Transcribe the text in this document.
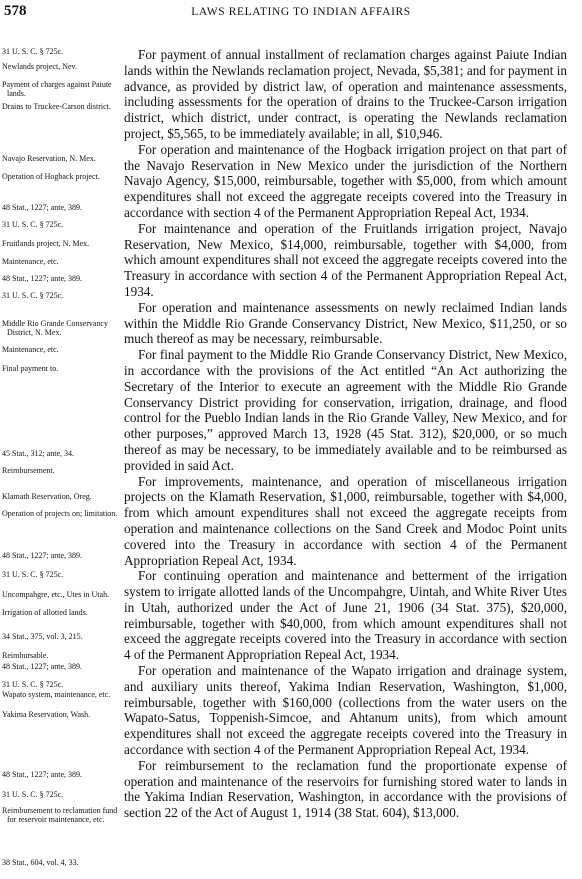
578	LAWS RELATING TO INDIAN AFFAIRS
31 U. S. C. § 725c.
Newlands project, Nev.
Payment of charges against Paiute lands.
Drains to Truckee-Carson district.
Navajo Reservation, N. Mex.
Operation of Hogback project.
48 Stat., 1227; ante, 389.
31 U. S. C. § 725c.
Fruitlands project, N. Mex.
Maintenance, etc.
48 Stat., 1227; ante, 389.
31 U. S. C. § 725c.
Middle Rio Grande Conservancy District, N. Mex.
Maintenance, etc.
Final payment to.
45 Stat., 312; ante, 34.
Reimbursement.
Klamath Reservation, Oreg.
Operation of projects on; limitation.
48 Stat., 1227; ante, 389.
31 U. S. C. § 725c.
Uncompahgre, etc., Utes in Utah.
Irrigation of allotted lands.
34 Stat., 375, vol. 3, 215.
Reimbursable.
48 Stat., 1227; ante, 389.
31 U. S. C. § 725c.
Wapato system, maintenance, etc.
Yakima Reservation, Wash.
48 Stat., 1227; ante, 389.
31 U. S. C. § 725c.
Reimbursement to reclamation fund for reservoir maintenance, etc.
38 Stat., 604, vol. 4, 33.

For payment of annual installment of reclamation charges against Paiute Indian lands within the Newlands reclamation project, Nevada, $5,381; and for payment in advance, as provided by district law, of operation and maintenance assessments, including assessments for the operation of drains to the Truckee-Carson irrigation district, which district, under contract, is operating the Newlands reclamation project, $5,565, to be immediately available; in all, $10,946.

For operation and maintenance of the Hogback irrigation project on that part of the Navajo Reservation in New Mexico under the jurisdiction of the Northern Navajo Agency, $15,000, reimbursable, together with $5,000, from which amount expenditures shall not exceed the aggregate receipts covered into the Treasury in accordance with section 4 of the Permanent Appropriation Repeal Act, 1934.

For maintenance and operation of the Fruitlands irrigation project, Navajo Reservation, New Mexico, $14,000, reimbursable, together with $4,000, from which amount expenditures shall not exceed the aggregate receipts covered into the Treasury in accordance with section 4 of the Permanent Appropriation Repeal Act, 1934.

For operation and maintenance assessments on newly reclaimed Indian lands within the Middle Rio Grande Conservancy District, New Mexico, $11,250, or so much thereof as may be necessary, reimbursable.

For final payment to the Middle Rio Grande Conservancy District, New Mexico, in accordance with the provisions of the Act entitled “An Act authorizing the Secretary of the Interior to execute an agreement with the Middle Rio Grande Conservancy District providing for conservation, irrigation, drainage, and flood control for the Pueblo Indian lands in the Rio Grande Valley, New Mexico, and for other purposes,” approved March 13, 1928 (45 Stat. 312), $20,000, or so much thereof as may be necessary, to be immediately available and to be reimbursed as provided in said Act.

For improvements, maintenance, and operation of miscellaneous irrigation projects on the Klamath Reservation, $1,000, reimbursable, together with $4,000, from which amount expenditures shall not exceed the aggregate receipts from operation and maintenance collections on the Sand Creek and Modoc Point units covered into the Treasury in accordance with section 4 of the Permanent Appropriation Repeal Act, 1934.

For continuing operation and maintenance and betterment of the irrigation system to irrigate allotted lands of the Uncompahgre, Uintah, and White River Utes in Utah, authorized under the Act of June 21, 1906 (34 Stat. 375), $20,000, reimbursable, together with $40,000, from which amount expenditures shall not exceed the aggregate receipts covered into the Treasury in accordance with section 4 of the Permanent Appropriation Repeal Act, 1934.

For operation and maintenance of the Wapato irrigation and drainage system, and auxiliary units thereof, Yakima Indian Reservation, Washington, $1,000, reimbursable, together with $160,000 (collections from the water users on the Wapato-Satus, Toppenish-Simcoe, and Ahtanum units), from which amount expenditures shall not exceed the aggregate receipts covered into the Treasury in accordance with section 4 of the Permanent Appropriation Repeal Act, 1934.

For reimbursement to the reclamation fund the proportionate expense of operation and maintenance of the reservoirs for furnishing stored water to lands in the Yakima Indian Reservation, Washington, in accordance with the provisions of section 22 of the Act of August 1, 1914 (38 Stat. 604), $13,000.
